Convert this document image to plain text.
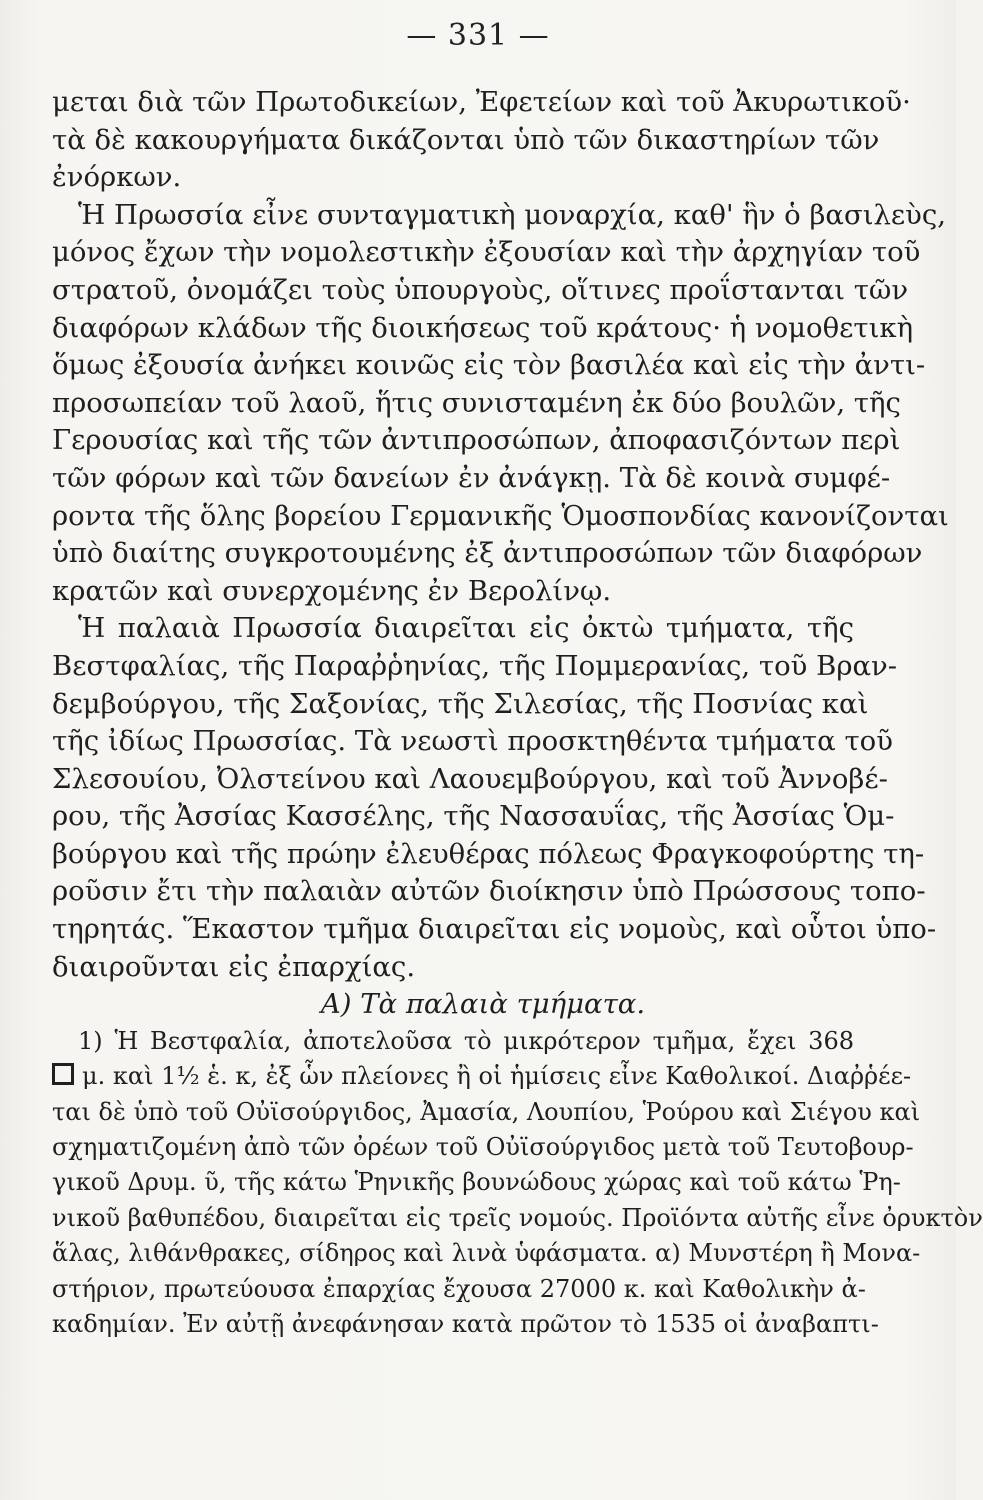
— 331 —
μεται διὰ τῶν Πρωτοδικείων, Ἐφετείων καὶ τοῦ Ἀκυρωτικοῦ·
τὰ δὲ κακουργήματα δικάζονται ὑπὸ τῶν δικαστηρίων τῶν
ἐνόρκων.
Ἡ Πρωσσία εἶνε συνταγματικὴ μοναρχία, καθ' ἣν ὁ βασιλεὺς,
μόνος ἔχων τὴν νομολεστικὴν ἐξουσίαν καὶ τὴν ἀρχηγίαν τοῦ
στρατοῦ, ὀνομάζει τοὺς ὑπουργοὺς, οἵτινες προΐστανται τῶν
διαφόρων κλάδων τῆς διοικήσεως τοῦ κράτους· ἡ νομοθετικὴ
ὅμως ἐξουσία ἀνήκει κοινῶς εἰς τὸν βασιλέα καὶ εἰς τὴν ἀντι-
προσωπείαν τοῦ λαοῦ, ἥτις συνισταμένη ἐκ δύο βουλῶν, τῆς
Γερουσίας καὶ τῆς τῶν ἀντιπροσώπων, ἀποφασιζόντων περὶ
τῶν φόρων καὶ τῶν δανείων ἐν ἀνάγκῃ. Τὰ δὲ κοινὰ συμφέ-
ροντα τῆς ὅλης βορείου Γερμανικῆς Ὁμοσπονδίας κανονίζονται
ὑπὸ διαίτης συγκροτουμένης ἐξ ἀντιπροσώπων τῶν διαφόρων
κρατῶν καὶ συνερχομένης ἐν Βερολίνῳ.
Ἡ παλαιὰ Πρωσσία διαιρεῖται εἰς ὀκτὼ τμήματα, τῆς
Βεστφαλίας, τῆς Παραῤῥηνίας, τῆς Πομμερανίας, τοῦ Βραν-
δεμβούργου, τῆς Σαξονίας, τῆς Σιλεσίας, τῆς Ποσνίας καὶ
τῆς ἰδίως Πρωσσίας. Τὰ νεωστὶ προσκτηθέντα τμήματα τοῦ
Σλεσουίου, Ὀλστείνου καὶ Λαουεμβούργου, καὶ τοῦ Ἀννοβέ-
ρου, τῆς Ἀσσίας Κασσέλης, τῆς Νασσαυΐας, τῆς Ἀσσίας Ὁμ-
βούργου καὶ τῆς πρώην ἐλευθέρας πόλεως Φραγκοφούρτης τη-
ροῦσιν ἔτι τὴν παλαιὰν αὐτῶν διοίκησιν ὑπὸ Πρώσσους τοπο-
τηρητάς. Ἕκαστον τμῆμα διαιρεῖται εἰς νομοὺς, καὶ οὗτοι ὑπο-
διαιροῦνται εἰς ἐπαρχίας.
Α) Τὰ παλαιὰ τμήματα.
1) Ἡ Βεστφαλία, ἀποτελοῦσα τὸ μικρότερον τμῆμα, ἔχει 368
μ. καὶ 1½ ἑ. κ, ἐξ ὧν πλείονες ἢ οἱ ἡμίσεις εἶνε Καθολικοί. Διαῤῥέε-
ται δὲ ὑπὸ τοῦ Οὐϊσούργιδος, Ἀμασία, Λουπίου, Ῥούρου καὶ Σιέγου καὶ
σχηματιζομένη ἀπὸ τῶν ὀρέων τοῦ Οὐϊσούργιδος μετὰ τοῦ Τευτοβουρ-
γικοῦ Δρυμ. ῦ, τῆς κάτω Ῥηνικῆς βουνώδους χώρας καὶ τοῦ κάτω Ῥη-
νικοῦ βαθυπέδου, διαιρεῖται εἰς τρεῖς νομούς. Προϊόντα αὐτῆς εἶνε ὀρυκτὸν
ἅλας, λιθάνθρακες, σίδηρος καὶ λινὰ ὑφάσματα. α) Μυνστέρη ἢ Μονα-
στήριον, πρωτεύουσα ἐπαρχίας ἔχουσα 27000 κ. καὶ Καθολικὴν ἀ-
καδημίαν. Ἐν αὐτῇ ἀνεφάνησαν κατὰ πρῶτον τὸ 1535 οἱ ἀναβαπτι-
